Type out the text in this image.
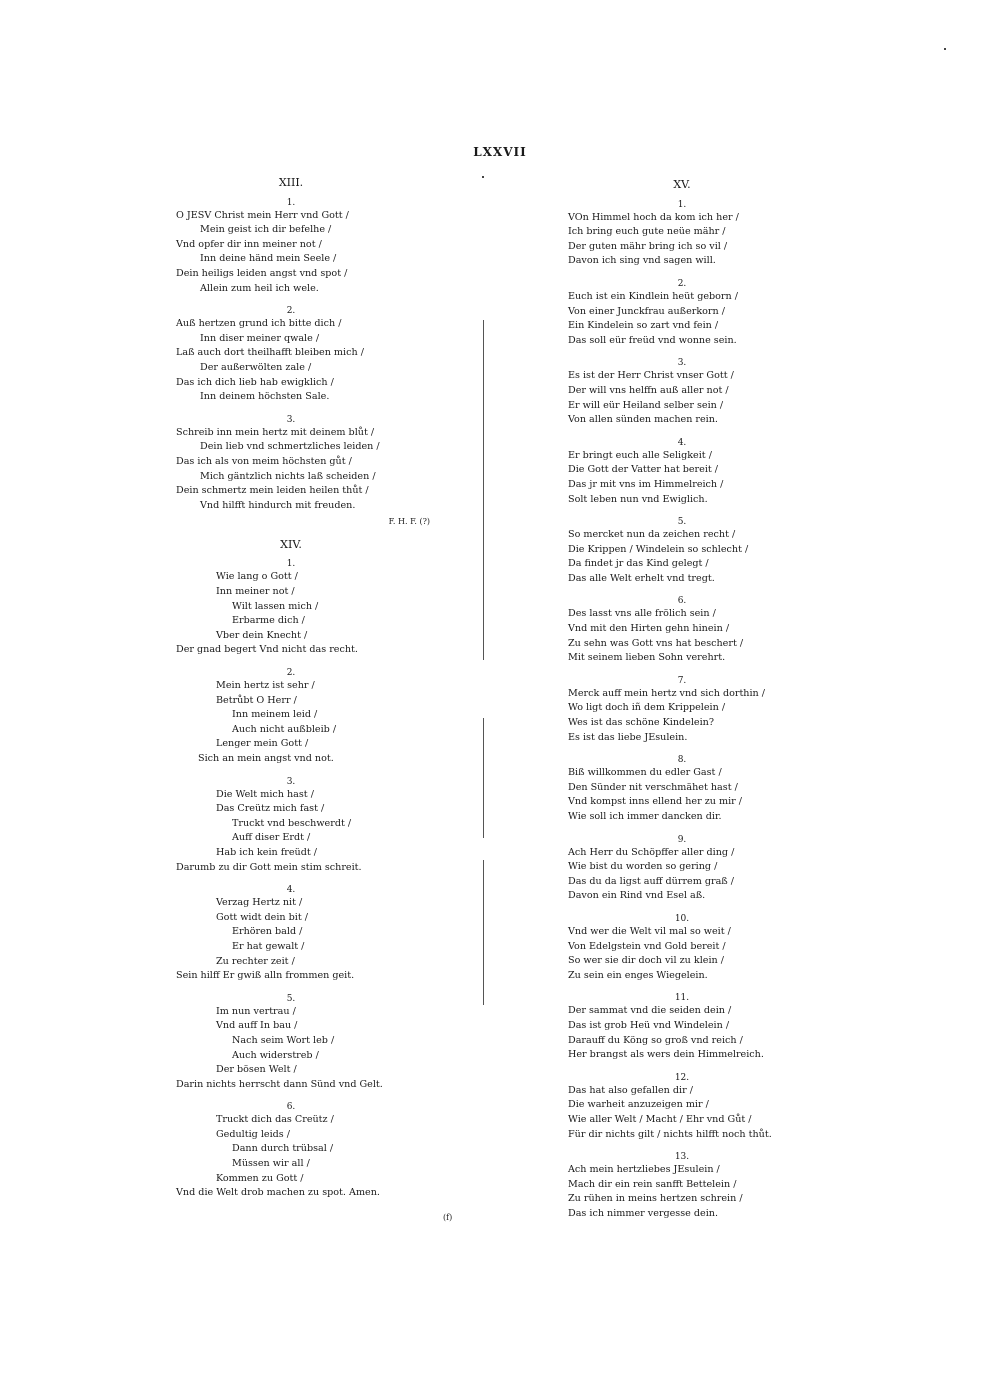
LXXVII
XIII.
1.
O JESV Christ mein Herr vnd Gott /
Mein geist ich dir befelhe /
Vnd opfer dir inn meiner not /
Inn deine händ mein Seele /
Dein heiligs leiden angst vnd spot /
Allein zum heil ich wele.
2.
Auß hertzen grund ich bitte dich /
Inn diser meiner qwale /
Laß auch dort theilhafft bleiben mich /
Der außerwölten zale /
Das ich dich lieb hab ewigklich /
Inn deinem höchsten Sale.
3.
Schreib inn mein hertz mit deinem blůt /
Dein lieb vnd schmertzliches leiden /
Das ich als von meim höchsten gůt /
Mich gäntzlich nichts laß scheiden /
Dein schmertz mein leiden heilen thůt /
Vnd hilfft hindurch mit freuden.
F. H. F. (?)
XIV.
1.
Wie lang o Gott /
Inn meiner not /
Wilt lassen mich /
Erbarme dich /
Vber dein Knecht /
Der gnad begert Vnd nicht das recht.
2.
Mein hertz ist sehr /
Betrůbt O Herr /
Inn meinem leid /
Auch nicht außbleib /
Lenger mein Gott /
Sich an mein angst vnd not.
3.
Die Welt mich hast /
Das Creütz mich fast /
Truckt vnd beschwerdt /
Auff diser Erdt /
Hab ich kein freüdt /
Darumb zu dir Gott mein stim schreit.
4.
Verzag Hertz nit /
Gott widt dein bit /
Erhören bald /
Er hat gewalt /
Zu rechter zeit /
Sein hilff Er gwiß alln frommen geit.
5.
Im nun vertrau /
Vnd auff In bau /
Nach seim Wort leb /
Auch widerstreb /
Der bösen Welt /
Darin nichts herrscht dann Sünd vnd Gelt.
6.
Truckt dich das Creütz /
Gedultig leids /
Dann durch trübsal /
Müssen wir all /
Kommen zu Gott /
Vnd die Welt drob machen zu spot. Amen.
XV.
1.
VOn Himmel hoch da kom ich her /
Ich bring euch gute neüe mähr /
Der guten mähr bring ich so vil /
Davon ich sing vnd sagen will.
2.
Euch ist ein Kindlein heüt geborn /
Von einer Junckfrau außerkorn /
Ein Kindelein so zart vnd fein /
Das soll eür freüd vnd wonne sein.
3.
Es ist der Herr Christ vnser Gott /
Der will vns helffn auß aller not /
Er will eür Heiland selber sein /
Von allen sünden machen rein.
4.
Er bringt euch alle Seligkeit /
Die Gott der Vatter hat bereit /
Das jr mit vns im Himmelreich /
Solt leben nun vnd Ewiglich.
5.
So mercket nun da zeichen recht /
Die Krippen / Windelein so schlecht /
Da findet jr das Kind gelegt /
Das alle Welt erhelt vnd tregt.
6.
Des lasst vns alle frölich sein /
Vnd mit den Hirten gehn hinein /
Zu sehn was Gott vns hat beschert /
Mit seinem lieben Sohn verehrt.
7.
Merck auff mein hertz vnd sich dorthin /
Wo ligt doch iñ dem Krippelein /
Wes ist das schöne Kindelein?
Es ist das liebe JEsulein.
8.
Biß willkommen du edler Gast /
Den Sünder nit verschmähet hast /
Vnd kompst inns ellend her zu mir /
Wie soll ich immer dancken dir.
9.
Ach Herr du Schöpffer aller ding /
Wie bist du worden so gering /
Das du da ligst auff dürrem graß /
Davon ein Rind vnd Esel aß.
10.
Vnd wer die Welt vil mal so weit /
Von Edelgstein vnd Gold bereit /
So wer sie dir doch vil zu klein /
Zu sein ein enges Wiegelein.
11.
Der sammat vnd die seiden dein /
Das ist grob Heü vnd Windelein /
Darauff du Köng so groß vnd reich /
Her brangst als wers dein Himmelreich.
12.
Das hat also gefallen dir /
Die warheit anzuzeigen mir /
Wie aller Welt / Macht / Ehr vnd Gůt /
Für dir nichts gilt / nichts hilfft noch thůt.
13.
Ach mein hertzliebes JEsulein /
Mach dir ein rein sanfft Bettelein /
Zu rühen in meins hertzen schrein /
Das ich nimmer vergesse dein.
(f)
